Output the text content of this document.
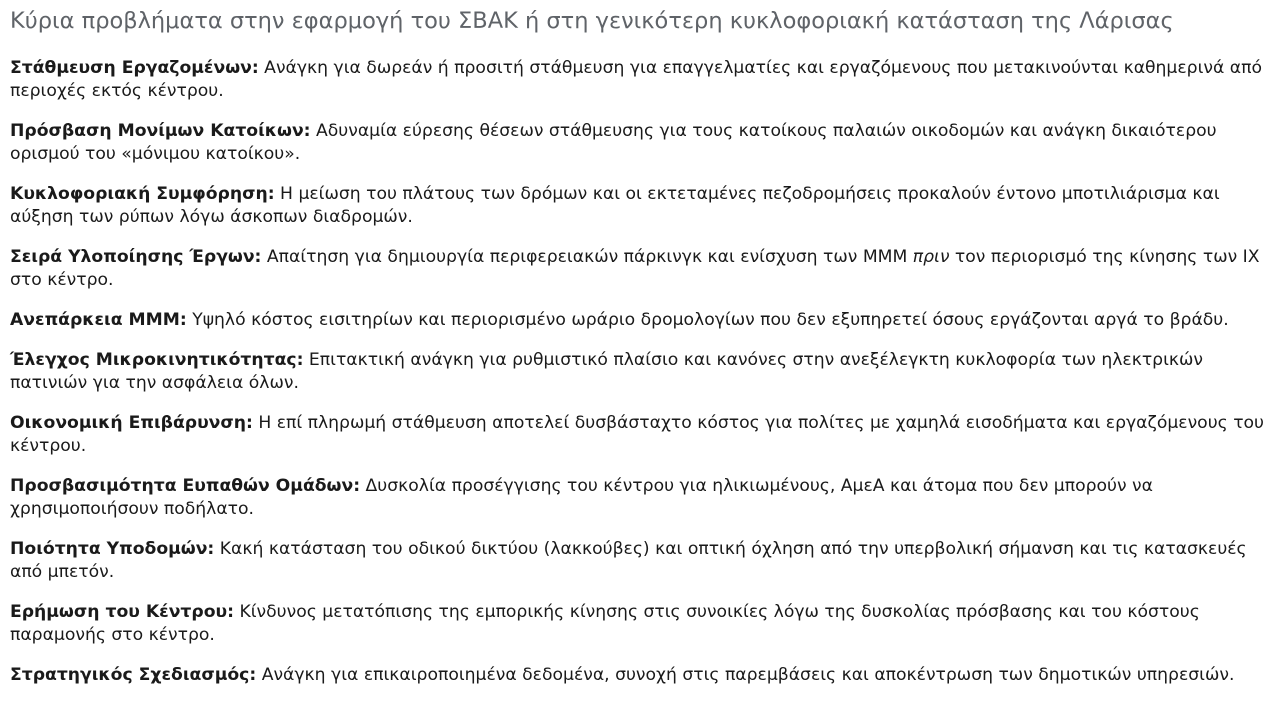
Κύρια προβλήματα στην εφαρμογή του ΣΒΑΚ ή στη γενικότερη κυκλοφοριακή κατάσταση της Λάρισας

Στάθμευση Εργαζομένων: Ανάγκη για δωρεάν ή προσιτή στάθμευση για επαγγελματίες και εργαζόμενους που μετακινούνται καθημερινά από περιοχές εκτός κέντρου.

Πρόσβαση Μονίμων Κατοίκων: Αδυναμία εύρεσης θέσεων στάθμευσης για τους κατοίκους παλαιών οικοδομών και ανάγκη δικαιότερου ορισμού του «μόνιμου κατοίκου».

Κυκλοφοριακή Συμφόρηση: Η μείωση του πλάτους των δρόμων και οι εκτεταμένες πεζοδρομήσεις προκαλούν έντονο μποτιλιάρισμα και αύξηση των ρύπων λόγω άσκοπων διαδρομών.

Σειρά Υλοποίησης Έργων: Απαίτηση για δημιουργία περιφερειακών πάρκινγκ και ενίσχυση των ΜΜΜ πριν τον περιορισμό της κίνησης των ΙΧ στο κέντρο.

Ανεπάρκεια ΜΜΜ: Υψηλό κόστος εισιτηρίων και περιορισμένο ωράριο δρομολογίων που δεν εξυπηρετεί όσους εργάζονται αργά το βράδυ.

Έλεγχος Μικροκινητικότητας: Επιτακτική ανάγκη για ρυθμιστικό πλαίσιο και κανόνες στην ανεξέλεγκτη κυκλοφορία των ηλεκτρικών πατινιών για την ασφάλεια όλων.

Οικονομική Επιβάρυνση: Η επί πληρωμή στάθμευση αποτελεί δυσβάσταχτο κόστος για πολίτες με χαμηλά εισοδήματα και εργαζόμενους του κέντρου.

Προσβασιμότητα Ευπαθών Ομάδων: Δυσκολία προσέγγισης του κέντρου για ηλικιωμένους, ΑμεΑ και άτομα που δεν μπορούν να χρησιμοποιήσουν ποδήλατο.

Ποιότητα Υποδομών: Κακή κατάσταση του οδικού δικτύου (λακκούβες) και οπτική όχληση από την υπερβολική σήμανση και τις κατασκευές από μπετόν.

Ερήμωση του Κέντρου: Κίνδυνος μετατόπισης της εμπορικής κίνησης στις συνοικίες λόγω της δυσκολίας πρόσβασης και του κόστους παραμονής στο κέντρο.

Στρατηγικός Σχεδιασμός: Ανάγκη για επικαιροποιημένα δεδομένα, συνοχή στις παρεμβάσεις και αποκέντρωση των δημοτικών υπηρεσιών.
